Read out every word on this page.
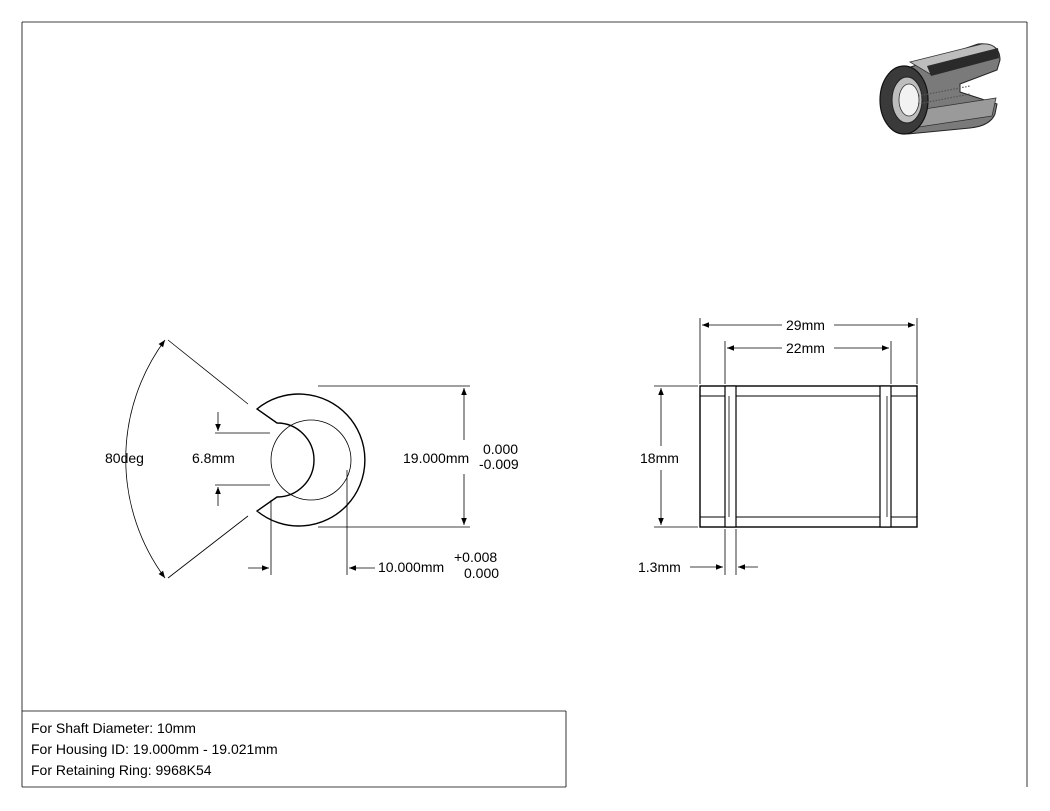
80deg	6.8mm	19.000mm
0.000
-0.009
10.000mm
+0.008
0.000
29mm
22mm
18mm
1.3mm
For Shaft Diameter: 10mm
For Housing ID: 19.000mm - 19.021mm
For Retaining Ring: 9968K54
